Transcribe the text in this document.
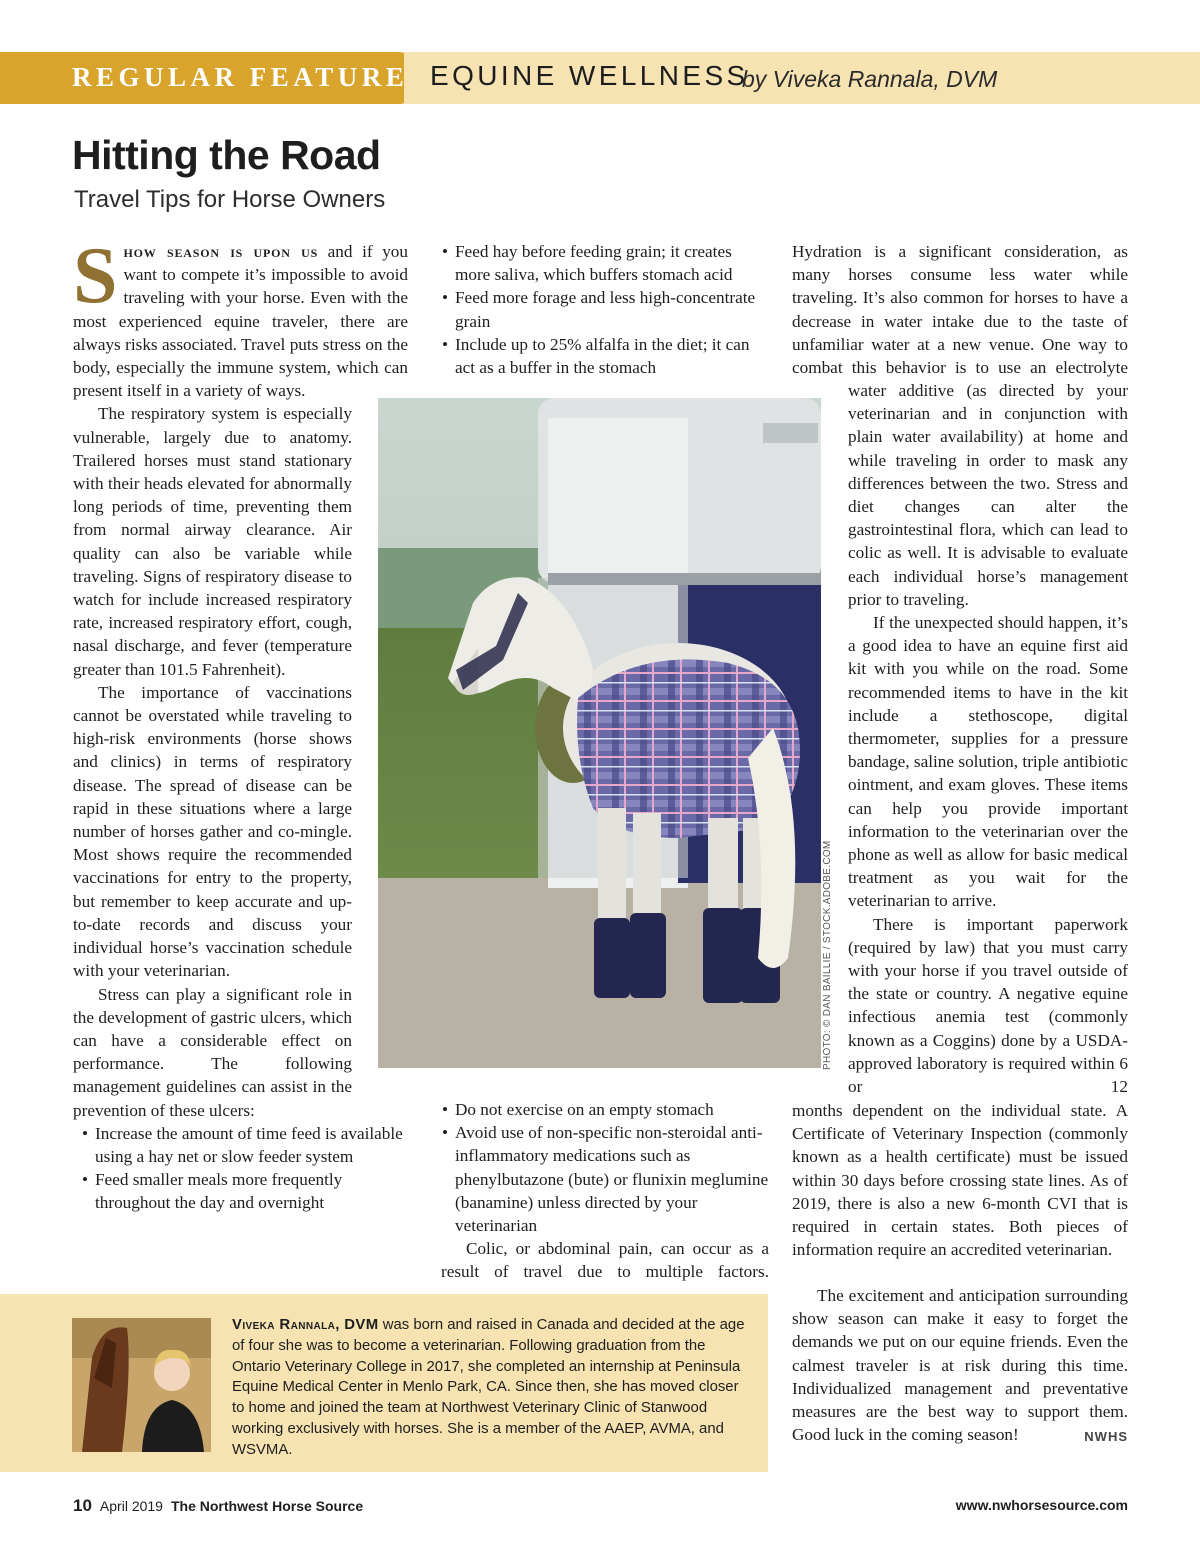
REGULAR FEATURE EQUINE WELLNESS
by Viveka Rannala, DVM
Hitting the Road
Travel Tips for Horse Owners

Show season is upon us and if you want to compete it’s impossible to avoid traveling with your horse. Even with the most experienced equine traveler, there are always risks associated. Travel puts stress on the body, especially the immune system, which can present itself in a variety of ways.

The respiratory system is especially vulnerable, largely due to anatomy. Trailered horses must stand stationary with their heads elevated for abnormally long periods of time, preventing them from normal airway clearance. Air quality can also be variable while traveling. Signs of respiratory disease to watch for include increased respiratory rate, increased respiratory effort, cough, nasal discharge, and fever (temperature greater than 101.5 Fahrenheit).

The importance of vaccinations cannot be overstated while traveling to high-risk environments (horse shows and clinics) in terms of respiratory disease. The spread of disease can be rapid in these situations where a large number of horses gather and co-mingle. Most shows require the recommended vaccinations for entry to the property, but remember to keep accurate and up-to-date records and discuss your individual horse’s vaccination schedule with your veterinarian.

Stress can play a significant role in the development of gastric ulcers, which can have a considerable effect on performance. The following management guidelines can assist in the prevention of these ulcers:

• Increase the amount of time feed is available using a hay net or slow feeder system
• Feed smaller meals more frequently throughout the day and overnight
• Feed hay before feeding grain; it creates more saliva, which buffers stomach acid
• Feed more forage and less high-concentrate grain
• Include up to 25% alfalfa in the diet; it can act as a buffer in the stomach
PHOTO: © DAN BAILLIE / STOCK.ADOBE.COM
• Do not exercise on an empty stomach
• Avoid use of non-specific non-steroidal anti-inflammatory medications such as phenylbutazone (bute) or flunixin meglumine (banamine) unless directed by your veterinarian

Colic, or abdominal pain, can occur as a result of travel due to multiple factors.

Hydration is a significant consideration, as many horses consume less water while traveling. It’s also common for horses to have a decrease in water intake due to the taste of unfamiliar water at a new venue. One way to combat this behavior is to use an electrolyte

water additive (as directed by your veterinarian and in conjunction with plain water availability) at home and while traveling in order to mask any differences between the two. Stress and diet changes can alter the gastrointestinal flora, which can lead to colic as well. It is advisable to evaluate each individual horse’s management prior to traveling.

If the unexpected should happen, it’s a good idea to have an equine first aid kit with you while on the road. Some recommended items to have in the kit include a stethoscope, digital thermometer, supplies for a pressure bandage, saline solution, triple antibiotic ointment, and exam gloves. These items can help you provide important information to the veterinarian over the phone as well as allow for basic medical treatment as you wait for the veterinarian to arrive.

There is important paperwork (required by law) that you must carry with your horse if you travel outside of the state or country. A negative equine infectious anemia test (commonly known as a Coggins) done by a USDA-approved laboratory is required within 6 or 12

months dependent on the individual state. A Certificate of Veterinary Inspection (commonly known as a health certificate) must be issued within 30 days before crossing state lines. As of 2019, there is also a new 6-month CVI that is required in certain states. Both pieces of information require an accredited veterinarian.

The excitement and anticipation surrounding show season can make it easy to forget the demands we put on our equine friends. Even the calmest traveler is at risk during this time. Individualized management and preventative measures are the best way to support them. Good luck in the coming season!	NWHS

Viveka Rannala, DVM was born and raised in Canada and decided at the age of four she was to become a veterinarian. Following graduation from the Ontario Veterinary College in 2017, she completed an internship at Peninsula Equine Medical Center in Menlo Park, CA. Since then, she has moved closer to home and joined the team at Northwest Veterinary Clinic of Stanwood working exclusively with horses. She is a member of the AAEP, AVMA, and WSVMA.
10 April 2019 The Northwest Horse Source	www.nwhorsesource.com
